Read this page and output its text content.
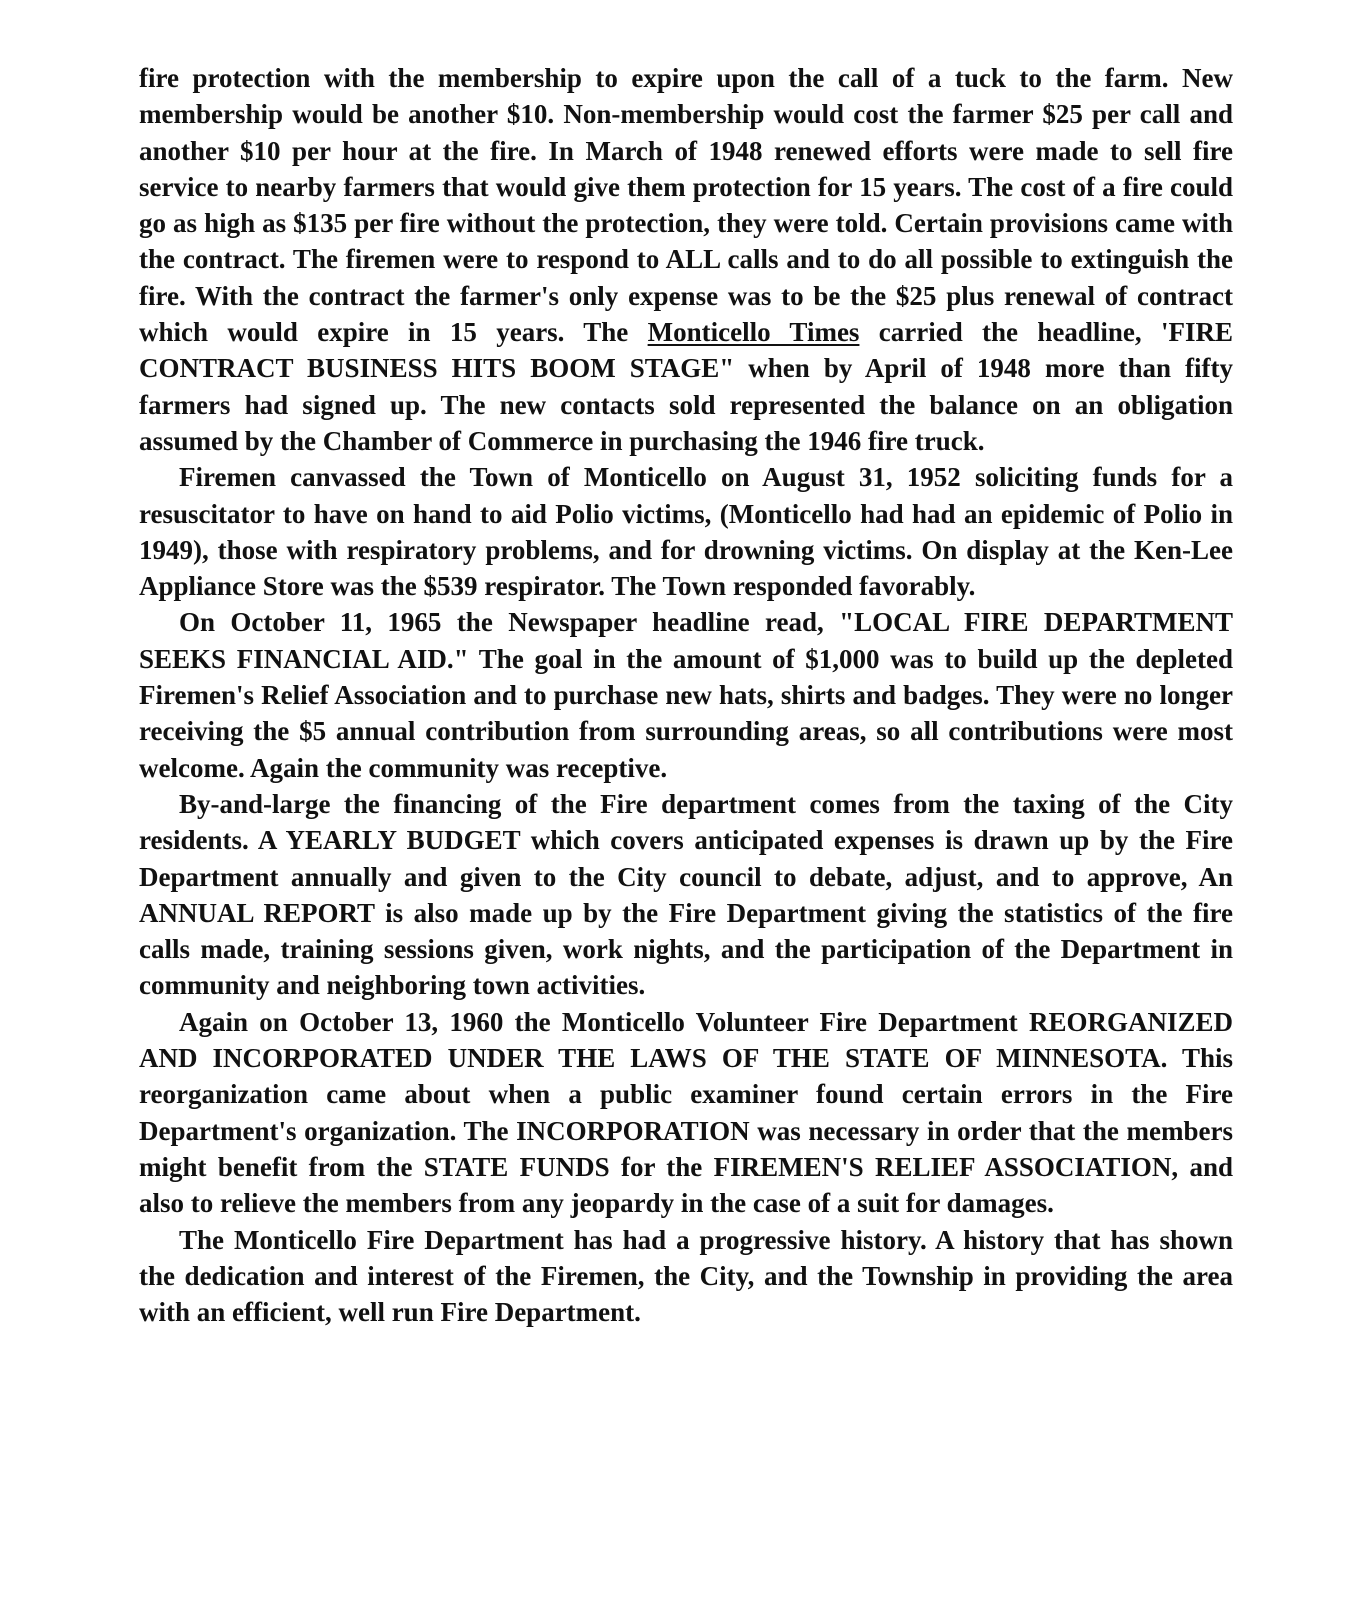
fire protection with the membership to expire upon the call of a tuck to the farm. New membership would be another $10. Non-membership would cost the farmer $25 per call and another $10 per hour at the fire. In March of 1948 renewed efforts were made to sell fire service to nearby farmers that would give them protection for 15 years. The cost of a fire could go as high as $135 per fire without the protection, they were told. Certain provisions came with the contract. The firemen were to respond to ALL calls and to do all possible to extinguish the fire. With the contract the farmer's only expense was to be the $25 plus renewal of contract which would expire in 15 years. The Monticello Times carried the headline, 'FIRE CONTRACT BUSINESS HITS BOOM STAGE" when by April of 1948 more than fifty farmers had signed up. The new contacts sold represented the balance on an obligation assumed by the Chamber of Commerce in purchasing the 1946 fire truck.

Firemen canvassed the Town of Monticello on August 31, 1952 soliciting funds for a resuscitator to have on hand to aid Polio victims, (Monticello had had an epidemic of Polio in 1949), those with respiratory problems, and for drowning victims. On display at the Ken-Lee Appliance Store was the $539 respirator. The Town responded favorably.

On October 11, 1965 the Newspaper headline read, "LOCAL FIRE DEPARTMENT SEEKS FINANCIAL AID." The goal in the amount of $1,000 was to build up the depleted Firemen's Relief Association and to purchase new hats, shirts and badges. They were no longer receiving the $5 annual contribution from surrounding areas, so all contributions were most welcome. Again the community was receptive.

By-and-large the financing of the Fire department comes from the taxing of the City residents. A YEARLY BUDGET which covers anticipated expenses is drawn up by the Fire Department annually and given to the City council to debate, adjust, and to approve, An ANNUAL REPORT is also made up by the Fire Department giving the statistics of the fire calls made, training sessions given, work nights, and the participation of the Department in community and neighboring town activities.

Again on October 13, 1960 the Monticello Volunteer Fire Department REORGANIZED AND INCORPORATED UNDER THE LAWS OF THE STATE OF MINNESOTA. This reorganization came about when a public examiner found certain errors in the Fire Department's organization. The INCORPORATION was necessary in order that the members might benefit from the STATE FUNDS for the FIREMEN'S RELIEF ASSOCIATION, and also to relieve the members from any jeopardy in the case of a suit for damages.

The Monticello Fire Department has had a progressive history. A history that has shown the dedication and interest of the Firemen, the City, and the Township in providing the area with an efficient, well run Fire Department.
